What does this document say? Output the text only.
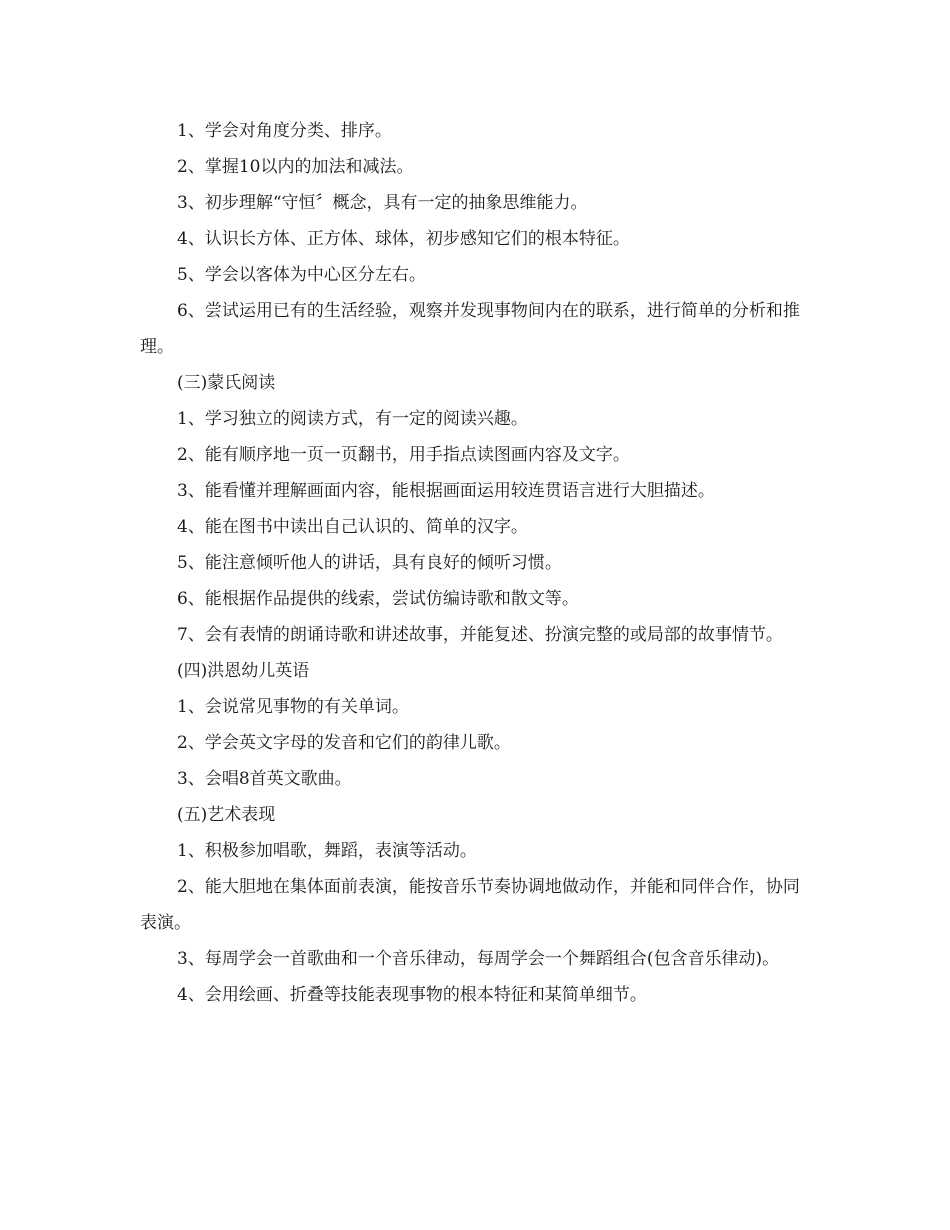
1、学会对角度分类、排序。

2、掌握10以内的加法和减法。

3、初步理解“守恒〞概念，具有一定的抽象思维能力。

4、认识长方体、正方体、球体，初步感知它们的根本特征。

5、学会以客体为中心区分左右。

6、尝试运用已有的生活经验，观察并发现事物间内在的联系，进行简单的分析和推理。

(三)蒙氏阅读

1、学习独立的阅读方式，有一定的阅读兴趣。

2、能有顺序地一页一页翻书，用手指点读图画内容及文字。

3、能看懂并理解画面内容，能根据画面运用较连贯语言进行大胆描述。

4、能在图书中读出自己认识的、简单的汉字。

5、能注意倾听他人的讲话，具有良好的倾听习惯。

6、能根据作品提供的线索，尝试仿编诗歌和散文等。

7、会有表情的朗诵诗歌和讲述故事，并能复述、扮演完整的或局部的故事情节。

(四)洪恩幼儿英语

1、会说常见事物的有关单词。

2、学会英文字母的发音和它们的韵律儿歌。

3、会唱8首英文歌曲。

(五)艺术表现

1、积极参加唱歌，舞蹈，表演等活动。

2、能大胆地在集体面前表演，能按音乐节奏协调地做动作，并能和同伴合作，协同表演。

3、每周学会一首歌曲和一个音乐律动，每周学会一个舞蹈组合(包含音乐律动)。

4、会用绘画、折叠等技能表现事物的根本特征和某简单细节。
